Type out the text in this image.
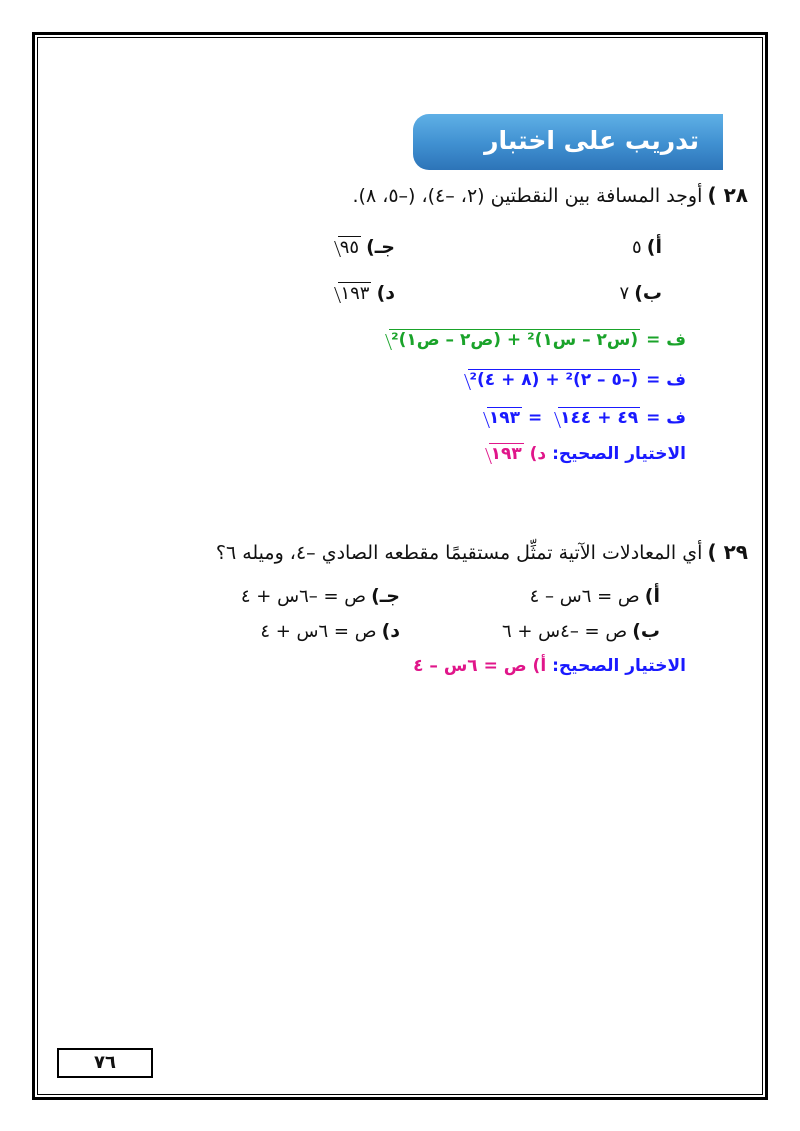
تدريب على اختبار
٢٨ ) أوجد المسافة بين النقطتين (٢، –٤)، (–٥، ٨).
أ) ٥
جـ) ٩٥
ب) ٧
د) ١٩٣
ف = (س٢ – س١)² + (ص٢ – ص١)²
ف = (–٥ – ٢)² + (٨ + ٤)²
ف = ٤٩ + ١٤٤ = ١٩٣
الاختيار الصحيح: د) ١٩٣
٢٩ ) أي المعادلات الآتية تمثِّل مستقيمًا مقطعه الصادي –٤، وميله ٦؟
أ) ص = ٦س – ٤
جـ) ص = –٦س + ٤
ب) ص = –٤س + ٦
د) ص = ٦س + ٤
الاختيار الصحيح: أ) ص = ٦س – ٤
٧٦
